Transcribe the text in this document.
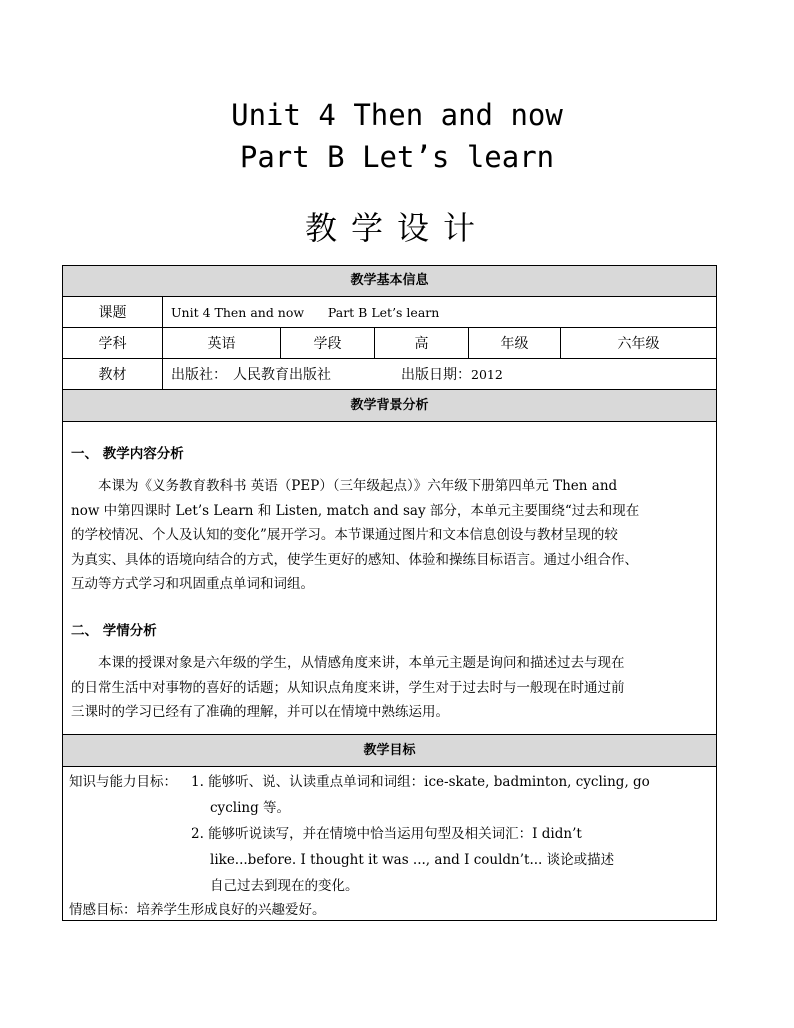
Unit 4 Then and now
Part B Let’s learn
教学设计
教学基本信息
课题	Unit 4 Then and now      Part B Let’s learn
学科	英语	学段	高	年级	六年级
教材	出版社： 人民教育出版社	出版日期： 2012
教学背景分析
一、 教学内容分析
　　本课为《义务教育教科书 英语（PEP）（三年级起点）》六年级下册第四单元 Then and
now 中第四课时 Let’s Learn 和 Listen, match and say 部分，本单元主要围绕“过去和现在
的学校情况、个人及认知的变化”展开学习。本节课通过图片和文本信息创设与教材呈现的较
为真实、具体的语境向结合的方式，使学生更好的感知、体验和操练目标语言。通过小组合作、
互动等方式学习和巩固重点单词和词组。
二、 学情分析
　　本课的授课对象是六年级的学生，从情感角度来讲，本单元主题是询问和描述过去与现在
的日常生活中对事物的喜好的话题；从知识点角度来讲，学生对于过去时与一般现在时通过前
三课时的学习已经有了准确的理解，并可以在情境中熟练运用。
教学目标
知识与能力目标： 1. 能够听、说、认读重点单词和词组：ice-skate, badminton, cycling, go
cycling 等。
2. 能够听说读写，并在情境中恰当运用句型及相关词汇：I didn’t
like...before. I thought it was ..., and I couldn’t... 谈论或描述
自己过去到现在的变化。
情感目标：培养学生形成良好的兴趣爱好。
